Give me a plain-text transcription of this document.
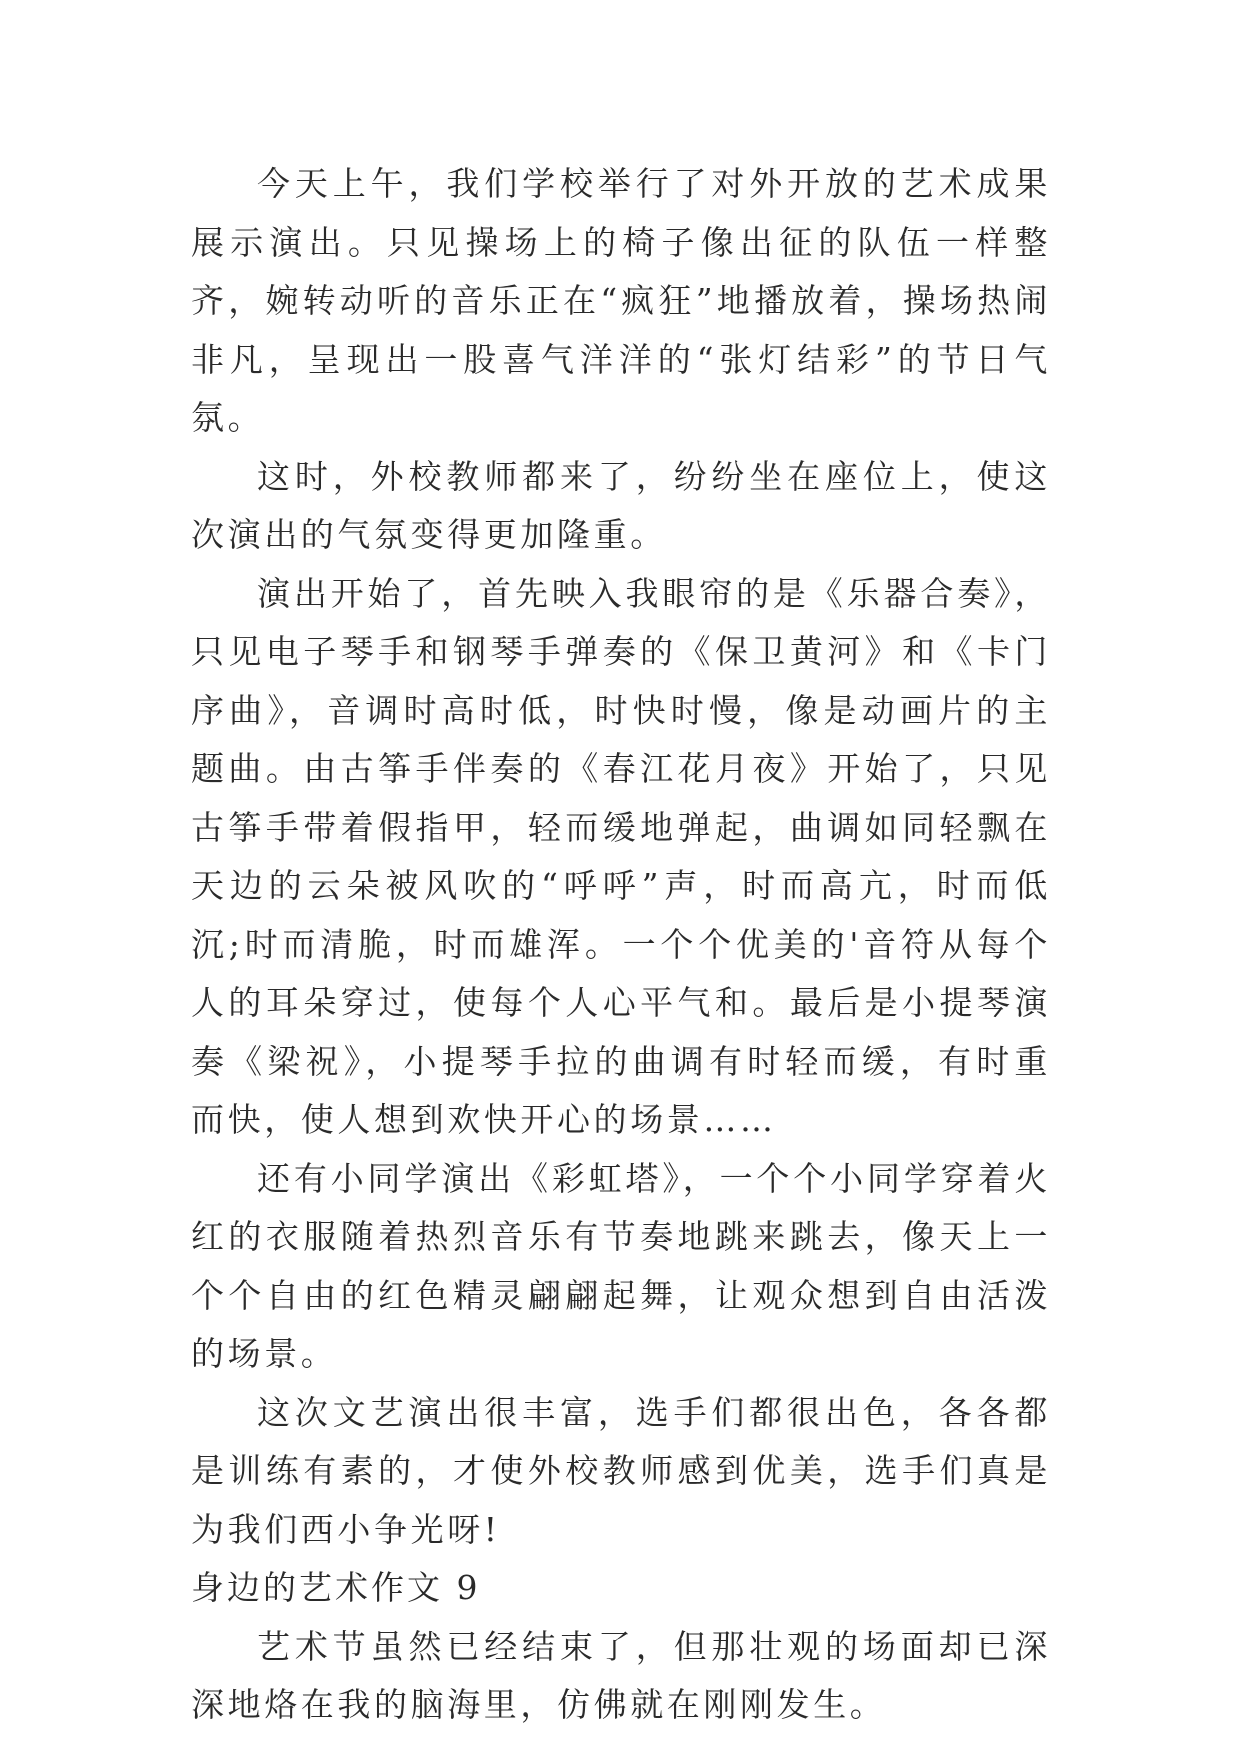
今天上午，我们学校举行了对外开放的艺术成果展示演出。只见操场上的椅子像出征的队伍一样整齐，婉转动听的音乐正在“疯狂”地播放着，操场热闹非凡，呈现出一股喜气洋洋的“张灯结彩”的节日气氛。

这时，外校教师都来了，纷纷坐在座位上，使这次演出的气氛变得更加隆重。

演出开始了，首先映入我眼帘的是《乐器合奏》，只见电子琴手和钢琴手弹奏的《保卫黄河》和《卡门序曲》，音调时高时低，时快时慢，像是动画片的主题曲。由古筝手伴奏的《春江花月夜》开始了，只见古筝手带着假指甲，轻而缓地弹起，曲调如同轻飘在天边的云朵被风吹的“呼呼”声，时而高亢，时而低沉;时而清脆，时而雄浑。一个个优美的'音符从每个人的耳朵穿过，使每个人心平气和。最后是小提琴演奏《梁祝》，小提琴手拉的曲调有时轻而缓，有时重而快，使人想到欢快开心的场景……

还有小同学演出《彩虹塔》，一个个小同学穿着火红的衣服随着热烈音乐有节奏地跳来跳去，像天上一个个自由的红色精灵翩翩起舞，让观众想到自由活泼的场景。

这次文艺演出很丰富，选手们都很出色，各各都是训练有素的，才使外校教师感到优美，选手们真是为我们西小争光呀!

身边的艺术作文 9

艺术节虽然已经结束了，但那壮观的场面却已深深地烙在我的脑海里，仿佛就在刚刚发生。
